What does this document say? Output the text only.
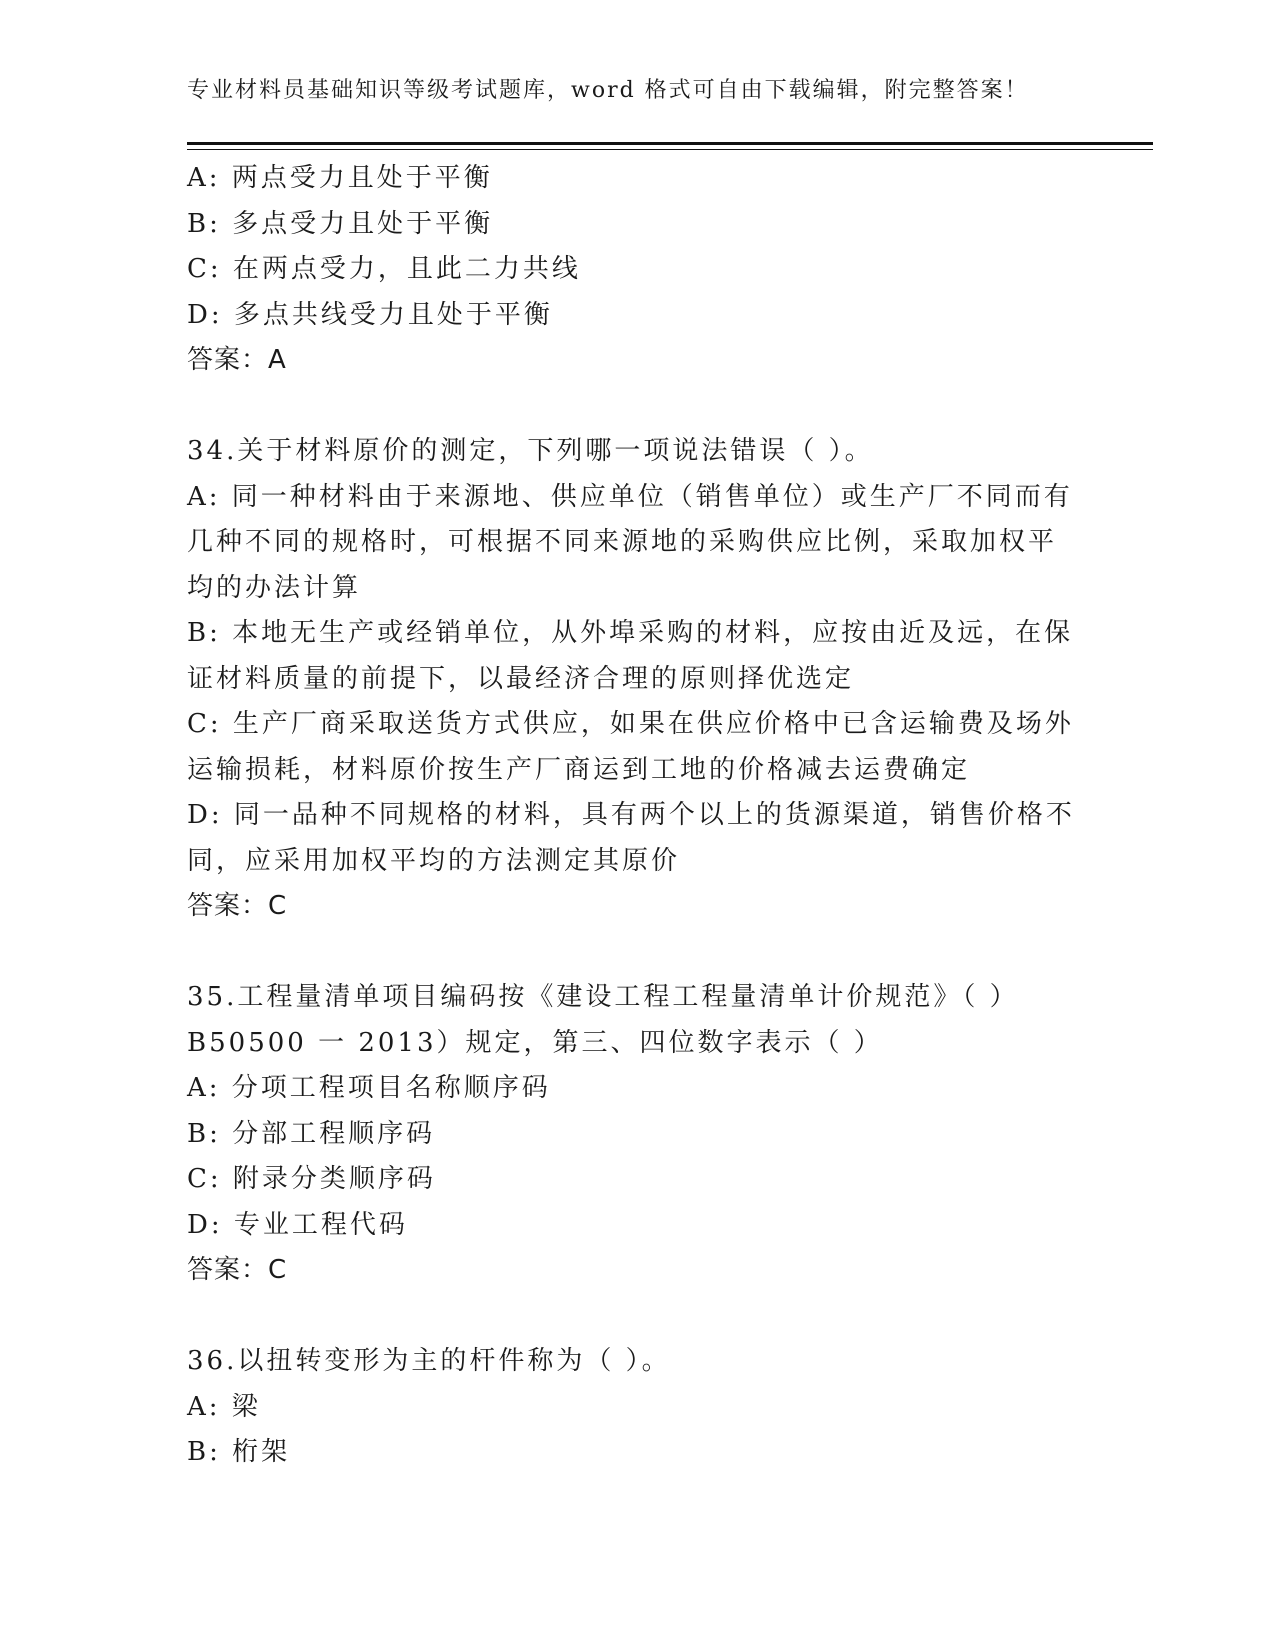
专业材料员基础知识等级考试题库，word 格式可自由下载编辑，附完整答案！
A: 两点受力且处于平衡
B: 多点受力且处于平衡
C: 在两点受力，且此二力共线
D: 多点共线受力且处于平衡
答案：A
34.关于材料原价的测定，下列哪一项说法错误（ ）。
A: 同一种材料由于来源地、供应单位（销售单位）或生产厂不同而有
几种不同的规格时，可根据不同来源地的采购供应比例，采取加权平
均的办法计算
B: 本地无生产或经销单位，从外埠采购的材料，应按由近及远，在保
证材料质量的前提下，以最经济合理的原则择优选定
C: 生产厂商采取送货方式供应，如果在供应价格中已含运输费及场外
运输损耗，材料原价按生产厂商运到工地的价格减去运费确定
D: 同一品种不同规格的材料，具有两个以上的货源渠道，销售价格不
同，应采用加权平均的方法测定其原价
答案：C
35.工程量清单项目编码按《建设工程工程量清单计价规范》（ ）
B50500 一 2013）规定，第三、四位数字表示（ ）
A: 分项工程项目名称顺序码
B: 分部工程顺序码
C: 附录分类顺序码
D: 专业工程代码
答案：C
36.以扭转变形为主的杆件称为（ ）。
A: 梁
B: 桁架
